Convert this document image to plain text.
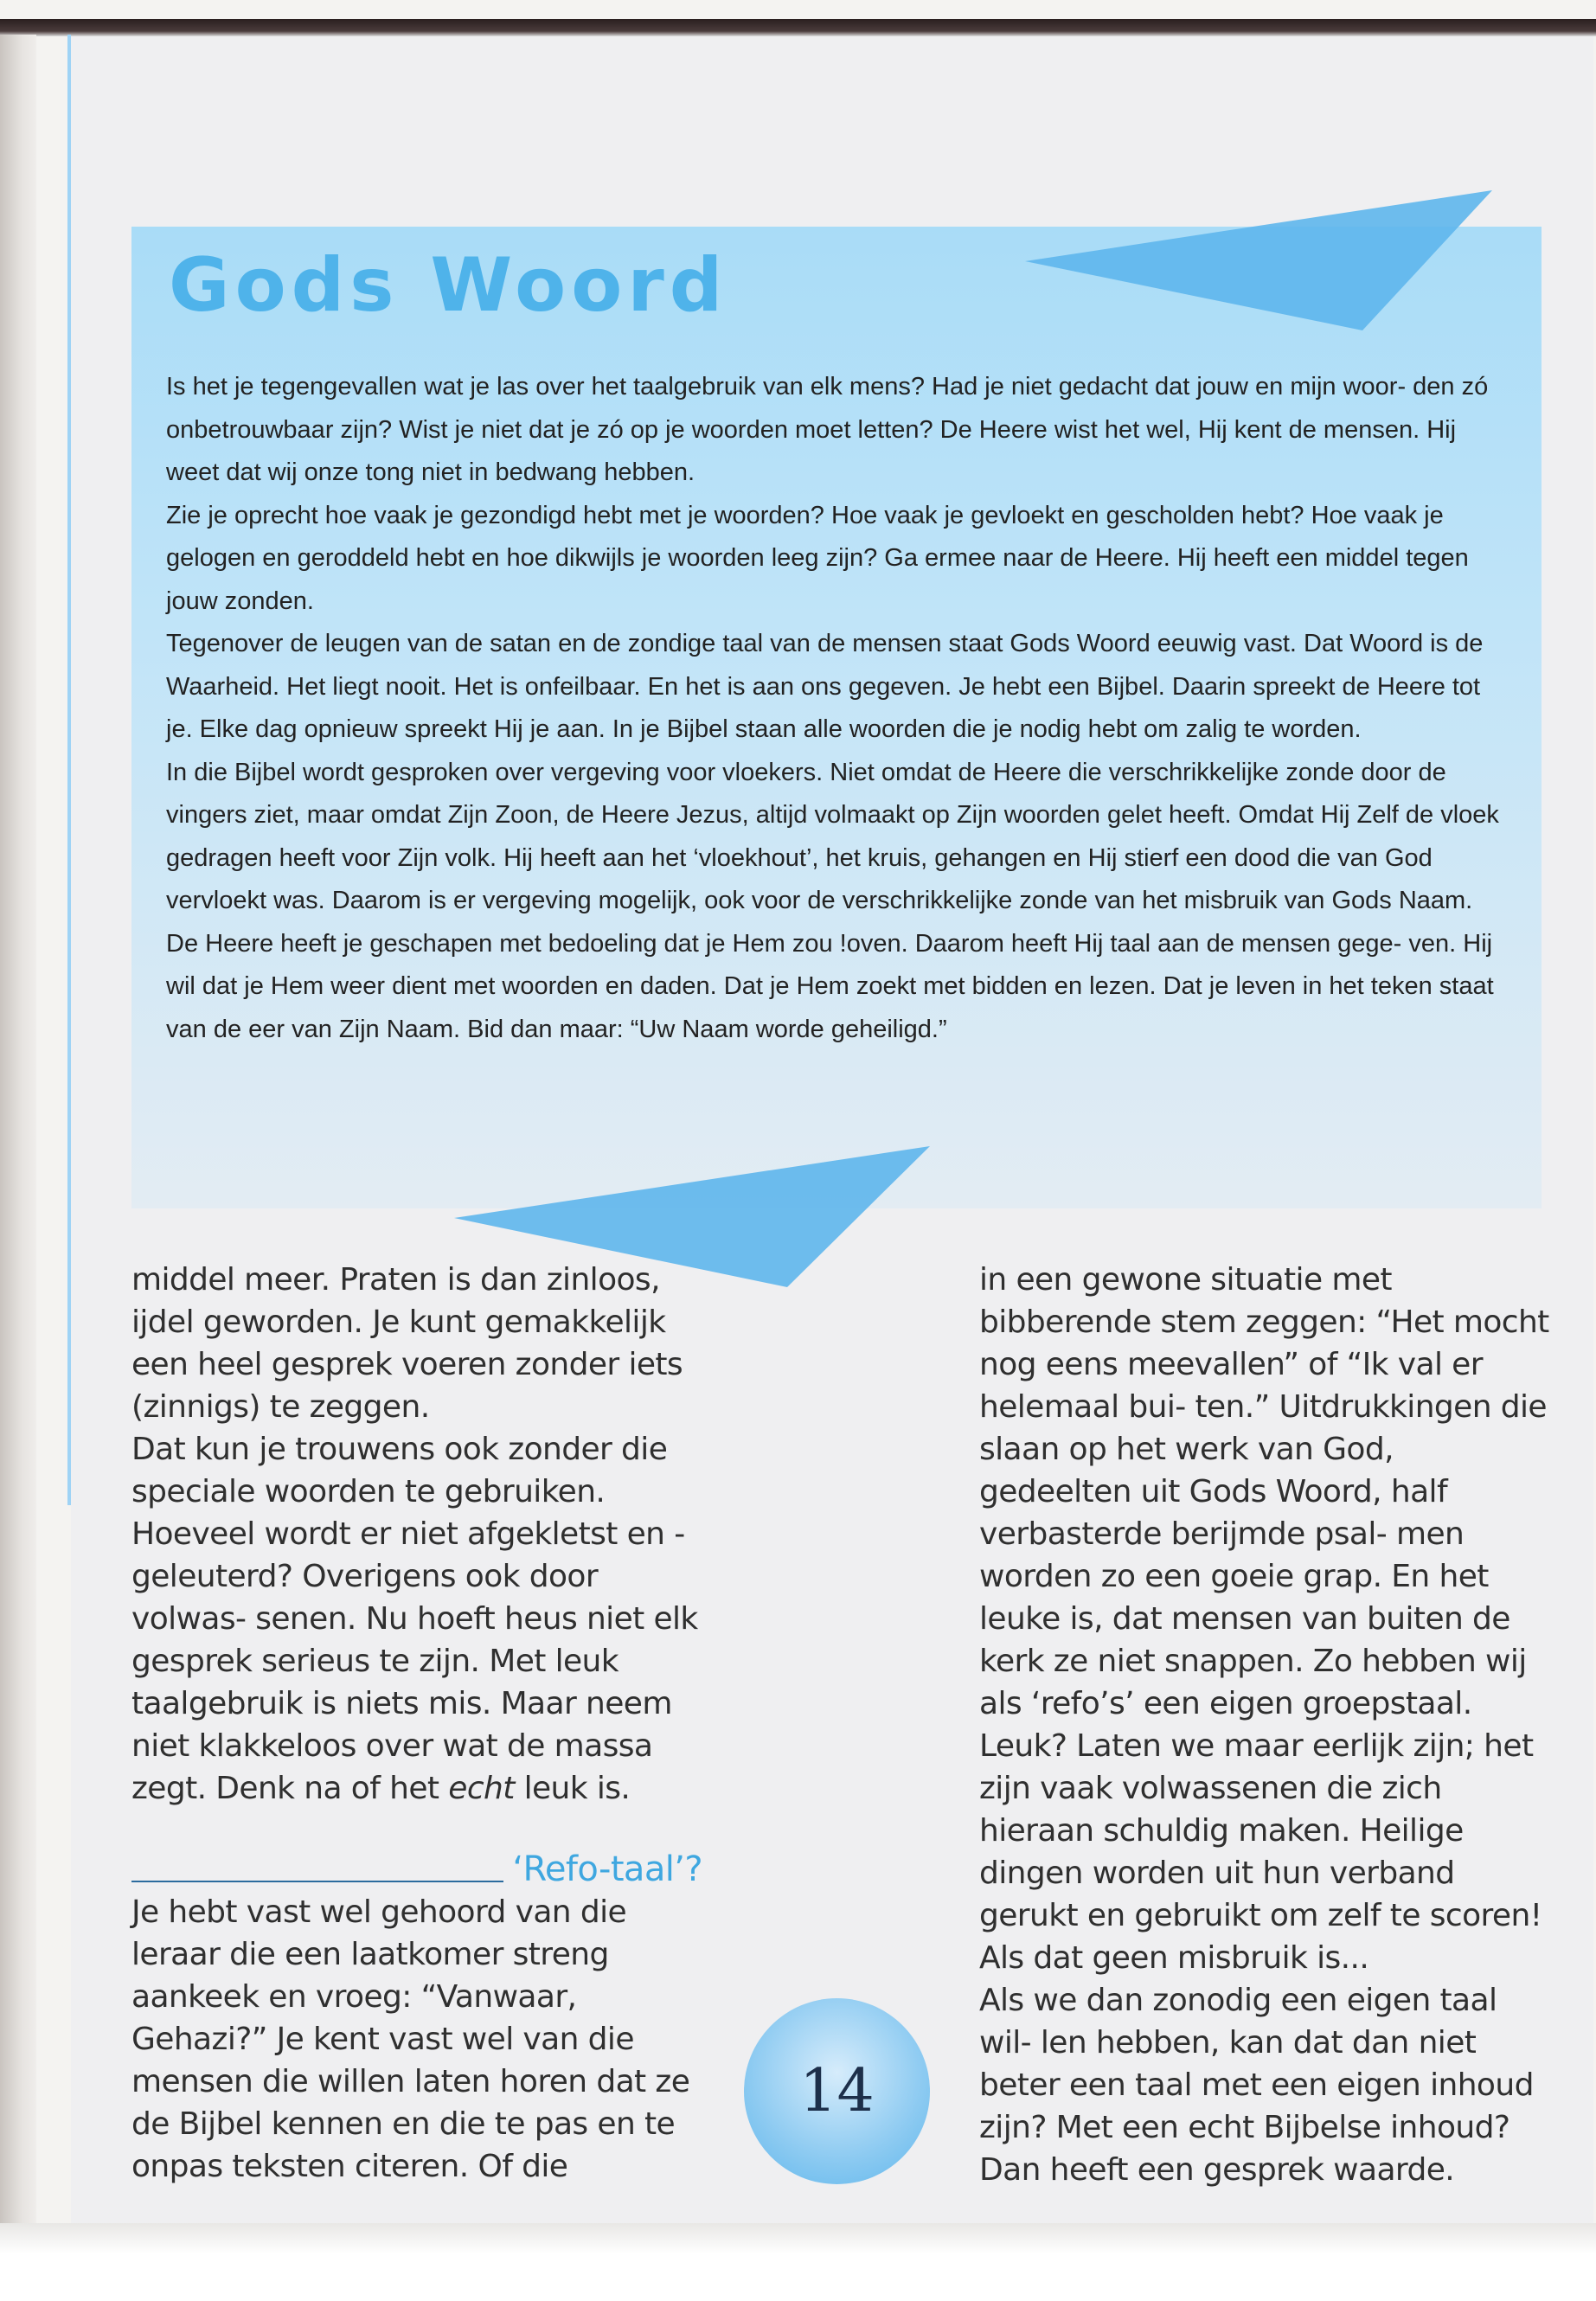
Gods Woord

Is het je tegengevallen wat je las over het taalgebruik van elk mens? Had je niet gedacht dat jouw en mijn woor- den zó onbetrouwbaar zijn? Wist je niet dat je zó op je woorden moet letten? De Heere wist het wel, Hij kent de mensen. Hij weet dat wij onze tong niet in bedwang hebben.

Zie je oprecht hoe vaak je gezondigd hebt met je woorden? Hoe vaak je gevloekt en gescholden hebt? Hoe vaak je gelogen en geroddeld hebt en hoe dikwijls je woorden leeg zijn? Ga ermee naar de Heere. Hij heeft een middel tegen jouw zonden.

Tegenover de leugen van de satan en de zondige taal van de mensen staat Gods Woord eeuwig vast. Dat Woord is de Waarheid. Het liegt nooit. Het is onfeilbaar. En het is aan ons gegeven. Je hebt een Bijbel. Daarin spreekt de Heere tot je. Elke dag opnieuw spreekt Hij je aan. In je Bijbel staan alle woorden die je nodig hebt om zalig te worden.

In die Bijbel wordt gesproken over vergeving voor vloekers. Niet omdat de Heere die verschrikkelijke zonde door de vingers ziet, maar omdat Zijn Zoon, de Heere Jezus, altijd volmaakt op Zijn woorden gelet heeft. Omdat Hij Zelf de vloek gedragen heeft voor Zijn volk. Hij heeft aan het ‘vloekhout’, het kruis, gehangen en Hij stierf een dood die van God vervloekt was. Daarom is er vergeving mogelijk, ook voor de verschrikkelijke zonde van het misbruik van Gods Naam.

De Heere heeft je geschapen met bedoeling dat je Hem zou !oven. Daarom heeft Hij taal aan de mensen gege- ven. Hij wil dat je Hem weer dient met woorden en daden. Dat je Hem zoekt met bidden en lezen. Dat je leven in het teken staat van de eer van Zijn Naam. Bid dan maar: “Uw Naam worde geheiligd.”

middel meer. Praten is dan zinloos, ijdel geworden. Je kunt gemakkelijk een heel gesprek voeren zonder iets (zinnigs) te zeggen.

Dat kun je trouwens ook zonder die speciale woorden te gebruiken. Hoeveel wordt er niet afgekletst en - geleuterd? Overigens ook door volwas- senen. Nu hoeft heus niet elk gesprek serieus te zijn. Met leuk taalgebruik is niets mis. Maar neem niet klakkeloos over wat de massa zegt. Denk na of het echt leuk is.

‘Refo-taal’?

Je hebt vast wel gehoord van die leraar die een laatkomer streng aankeek en vroeg: “Vanwaar, Gehazi?” Je kent vast wel van die mensen die willen laten horen dat ze de Bijbel kennen en die te pas en te onpas teksten citeren. Of die

in een gewone situatie met bibberende stem zeggen: “Het mocht nog eens meevallen” of “Ik val er helemaal bui- ten.” Uitdrukkingen die slaan op het werk van God, gedeelten uit Gods Woord, half verbasterde berijmde psal- men worden zo een goeie grap. En het leuke is, dat mensen van buiten de kerk ze niet snappen. Zo hebben wij als ‘refo’s’ een eigen groepstaal. Leuk? Laten we maar eerlijk zijn; het zijn vaak volwassenen die zich hieraan schuldig maken. Heilige dingen worden uit hun verband gerukt en gebruikt om zelf te scoren! Als dat geen misbruik is...

Als we dan zonodig een eigen taal wil- len hebben, kan dat dan niet beter een taal met een eigen inhoud zijn? Met een echt Bijbelse inhoud? Dan heeft een gesprek waarde.

14
